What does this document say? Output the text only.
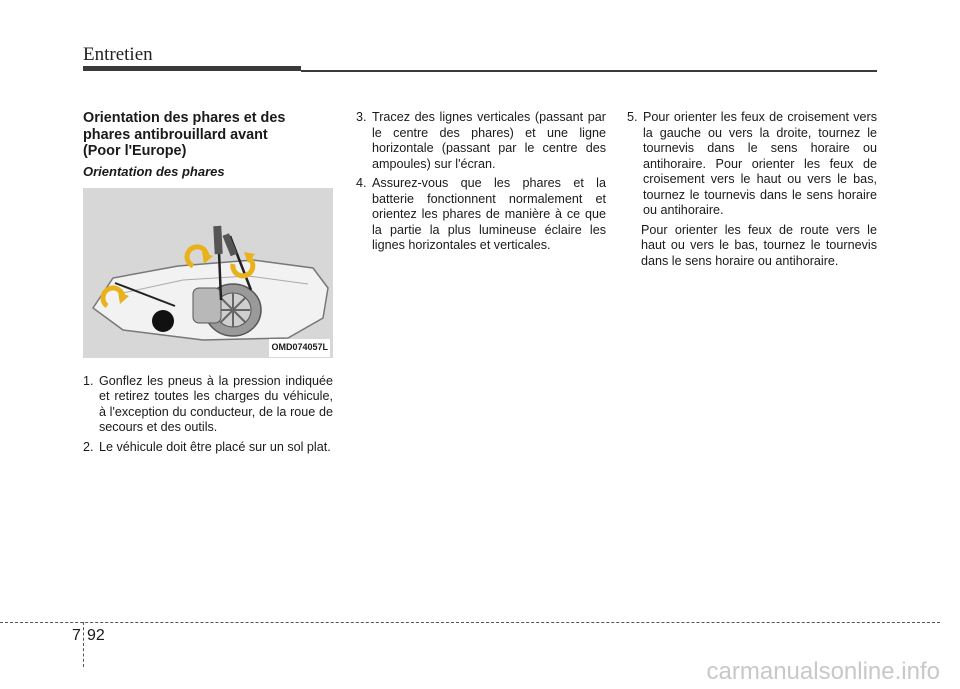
Entretien
Orientation des phares et des
phares antibrouillard avant
(Poor l'Europe)
Orientation des phares
OMD074057L

1. Gonflez les pneus à la pression indiquée et retirez toutes les charges du véhicule, à l'exception du conducteur, de la roue de secours et des outils.

2. Le véhicule doit être placé sur un sol plat.

3. Tracez des lignes verticales (passant par le centre des phares) et une ligne horizontale (passant par le centre des ampoules) sur l'écran.

4. Assurez-vous que les phares et la batterie fonctionnent normalement et orientez les phares de manière à ce que la partie la plus lumineuse éclaire les lignes horizontales et verticales.

5. Pour orienter les feux de croisement vers la gauche ou vers la droite, tournez le tournevis dans le sens horaire ou antihoraire. Pour orienter les feux de croisement vers le haut ou vers le bas, tournez le tournevis dans le sens horaire ou antihoraire.

Pour orienter les feux de route vers le haut ou vers le bas, tournez le tournevis dans le sens horaire ou antihoraire.

7 92
carmanualsonline.info
